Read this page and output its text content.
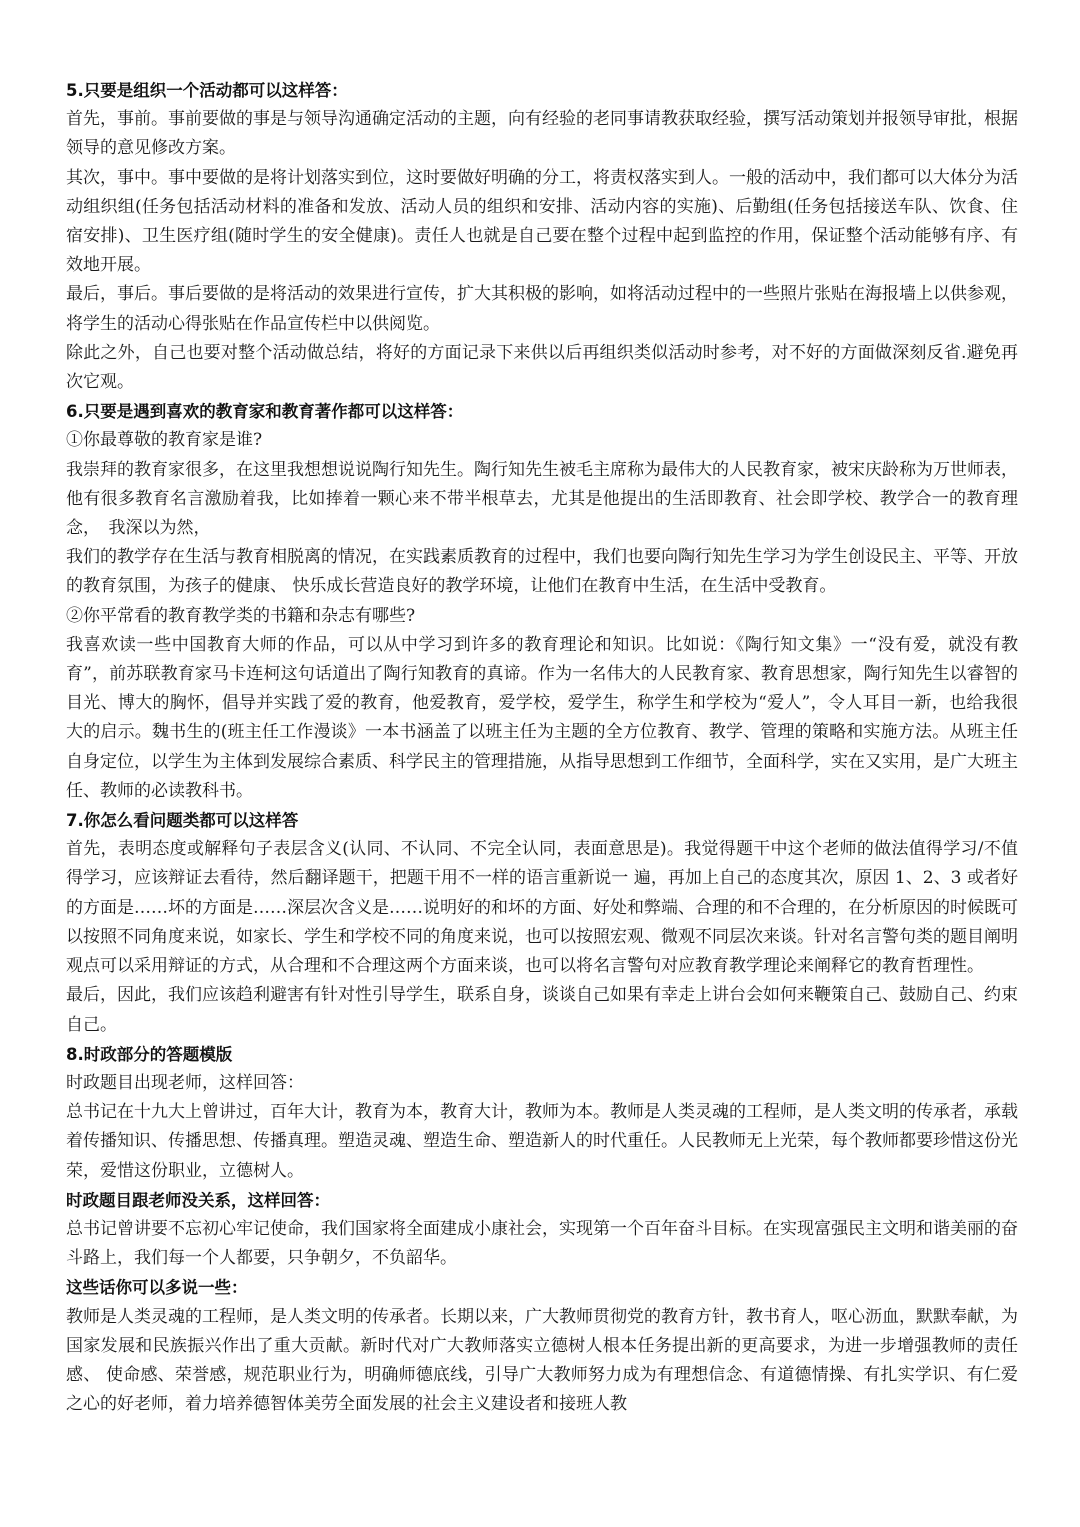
5.只要是组织一个活动都可以这样答：

首先，事前。事前要做的事是与领导沟通确定活动的主题，向有经验的老同事请教获取经验，撰写活动策划并报领导审批，根据领导的意见修改方案。

其次，事中。事中要做的是将计划落实到位，这时要做好明确的分工，将责权落实到人。一般的活动中，我们都可以大体分为活动组织组(任务包括活动材料的准备和发放、活动人员的组织和安排、活动内容的实施)、后勤组(任务包括接送车队、饮食、住宿安排)、卫生医疗组(随时学生的安全健康)。责任人也就是自己要在整个过程中起到监控的作用，保证整个活动能够有序、有效地开展。

最后，事后。事后要做的是将活动的效果进行宣传，扩大其积极的影响，如将活动过程中的一些照片张贴在海报墙上以供参观，将学生的活动心得张贴在作品宣传栏中以供阅览。

除此之外，自己也要对整个活动做总结，将好的方面记录下来供以后再组织类似活动时参考，对不好的方面做深刻反省.避免再次它观。

6.只要是遇到喜欢的教育家和教育著作都可以这样答：

①你最尊敬的教育家是谁?

我崇拜的教育家很多，在这里我想想说说陶行知先生。陶行知先生被毛主席称为最伟大的人民教育家，被宋庆龄称为万世师表，他有很多教育名言激励着我，比如捧着一颗心来不带半根草去，尤其是他提出的生活即教育、社会即学校、教学合一的教育理念，　我深以为然，

我们的教学存在生活与教育相脱离的情况，在实践素质教育的过程中，我们也要向陶行知先生学习为学生创设民主、平等、开放的教育氛围，为孩子的健康、 快乐成长营造良好的教学环境，让他们在教育中生活，在生活中受教育。

②你平常看的教育教学类的书籍和杂志有哪些?

我喜欢读一些中国教育大师的作品，可以从中学习到许多的教育理论和知识。比如说：《陶行知文集》一“没有爱，就没有教育”，前苏联教育家马卡连柯这句话道出了陶行知教育的真谛。作为一名伟大的人民教育家、教育思想家，陶行知先生以睿智的目光、博大的胸怀，倡导并实践了爱的教育，他爱教育，爱学校，爱学生，称学生和学校为“爱人”，令人耳目一新，也给我很大的启示。魏书生的(班主任工作漫谈》一本书涵盖了以班主任为主题的全方位教育、教学、管理的策略和实施方法。从班主任自身定位，以学生为主体到发展综合素质、科学民主的管理措施，从指导思想到工作细节，全面科学，实在又实用，是广大班主任、教师的必读教科书。

7.你怎么看问题类都可以这样答

首先，表明态度或解释句子表层含义(认同、不认同、不完全认同，表面意思是)。我觉得题干中这个老师的做法值得学习/不值得学习，应该辩证去看待，然后翻译题干，把题干用不一样的语言重新说一 遍，再加上自己的态度其次，原因 1、2、3 或者好的方面是……坏的方面是……深层次含义是……说明好的和坏的方面、好处和弊端、合理的和不合理的，在分析原因的时候既可以按照不同角度来说，如家长、学生和学校不同的角度来说，也可以按照宏观、微观不同层次来谈。针对名言警句类的题目阐明观点可以采用辩证的方式，从合理和不合理这两个方面来谈，也可以将名言警句对应教育教学理论来阐释它的教育哲理性。

最后，因此，我们应该趋利避害有针对性引导学生，联系自身，谈谈自己如果有幸走上讲台会如何来鞭策自己、鼓励自己、约束自己。

8.时政部分的答题模版

时政题目出现老师，这样回答：

总书记在十九大上曾讲过，百年大计，教育为本，教育大计，教师为本。教师是人类灵魂的工程师，是人类文明的传承者，承载着传播知识、传播思想、传播真理。塑造灵魂、塑造生命、塑造新人的时代重任。人民教师无上光荣，每个教师都要珍惜这份光荣，爱惜这份职业，立德树人。

时政题目跟老师没关系，这样回答：

总书记曾讲要不忘初心牢记使命，我们国家将全面建成小康社会，实现第一个百年奋斗目标。在实现富强民主文明和谐美丽的奋斗路上，我们每一个人都要，只争朝夕，不负韶华。

这些话你可以多说一些：

教师是人类灵魂的工程师，是人类文明的传承者。长期以来，广大教师贯彻党的教育方针，教书育人，呕心沥血，默默奉献，为国家发展和民族振兴作出了重大贡献。新时代对广大教师落实立德树人根本任务提出新的更高要求，为进一步增强教师的责任感、 使命感、荣誉感，规范职业行为，明确师德底线，引导广大教师努力成为有理想信念、有道德情操、有扎实学识、有仁爱之心的好老师，着力培养德智体美劳全面发展的社会主义建设者和接班人教
